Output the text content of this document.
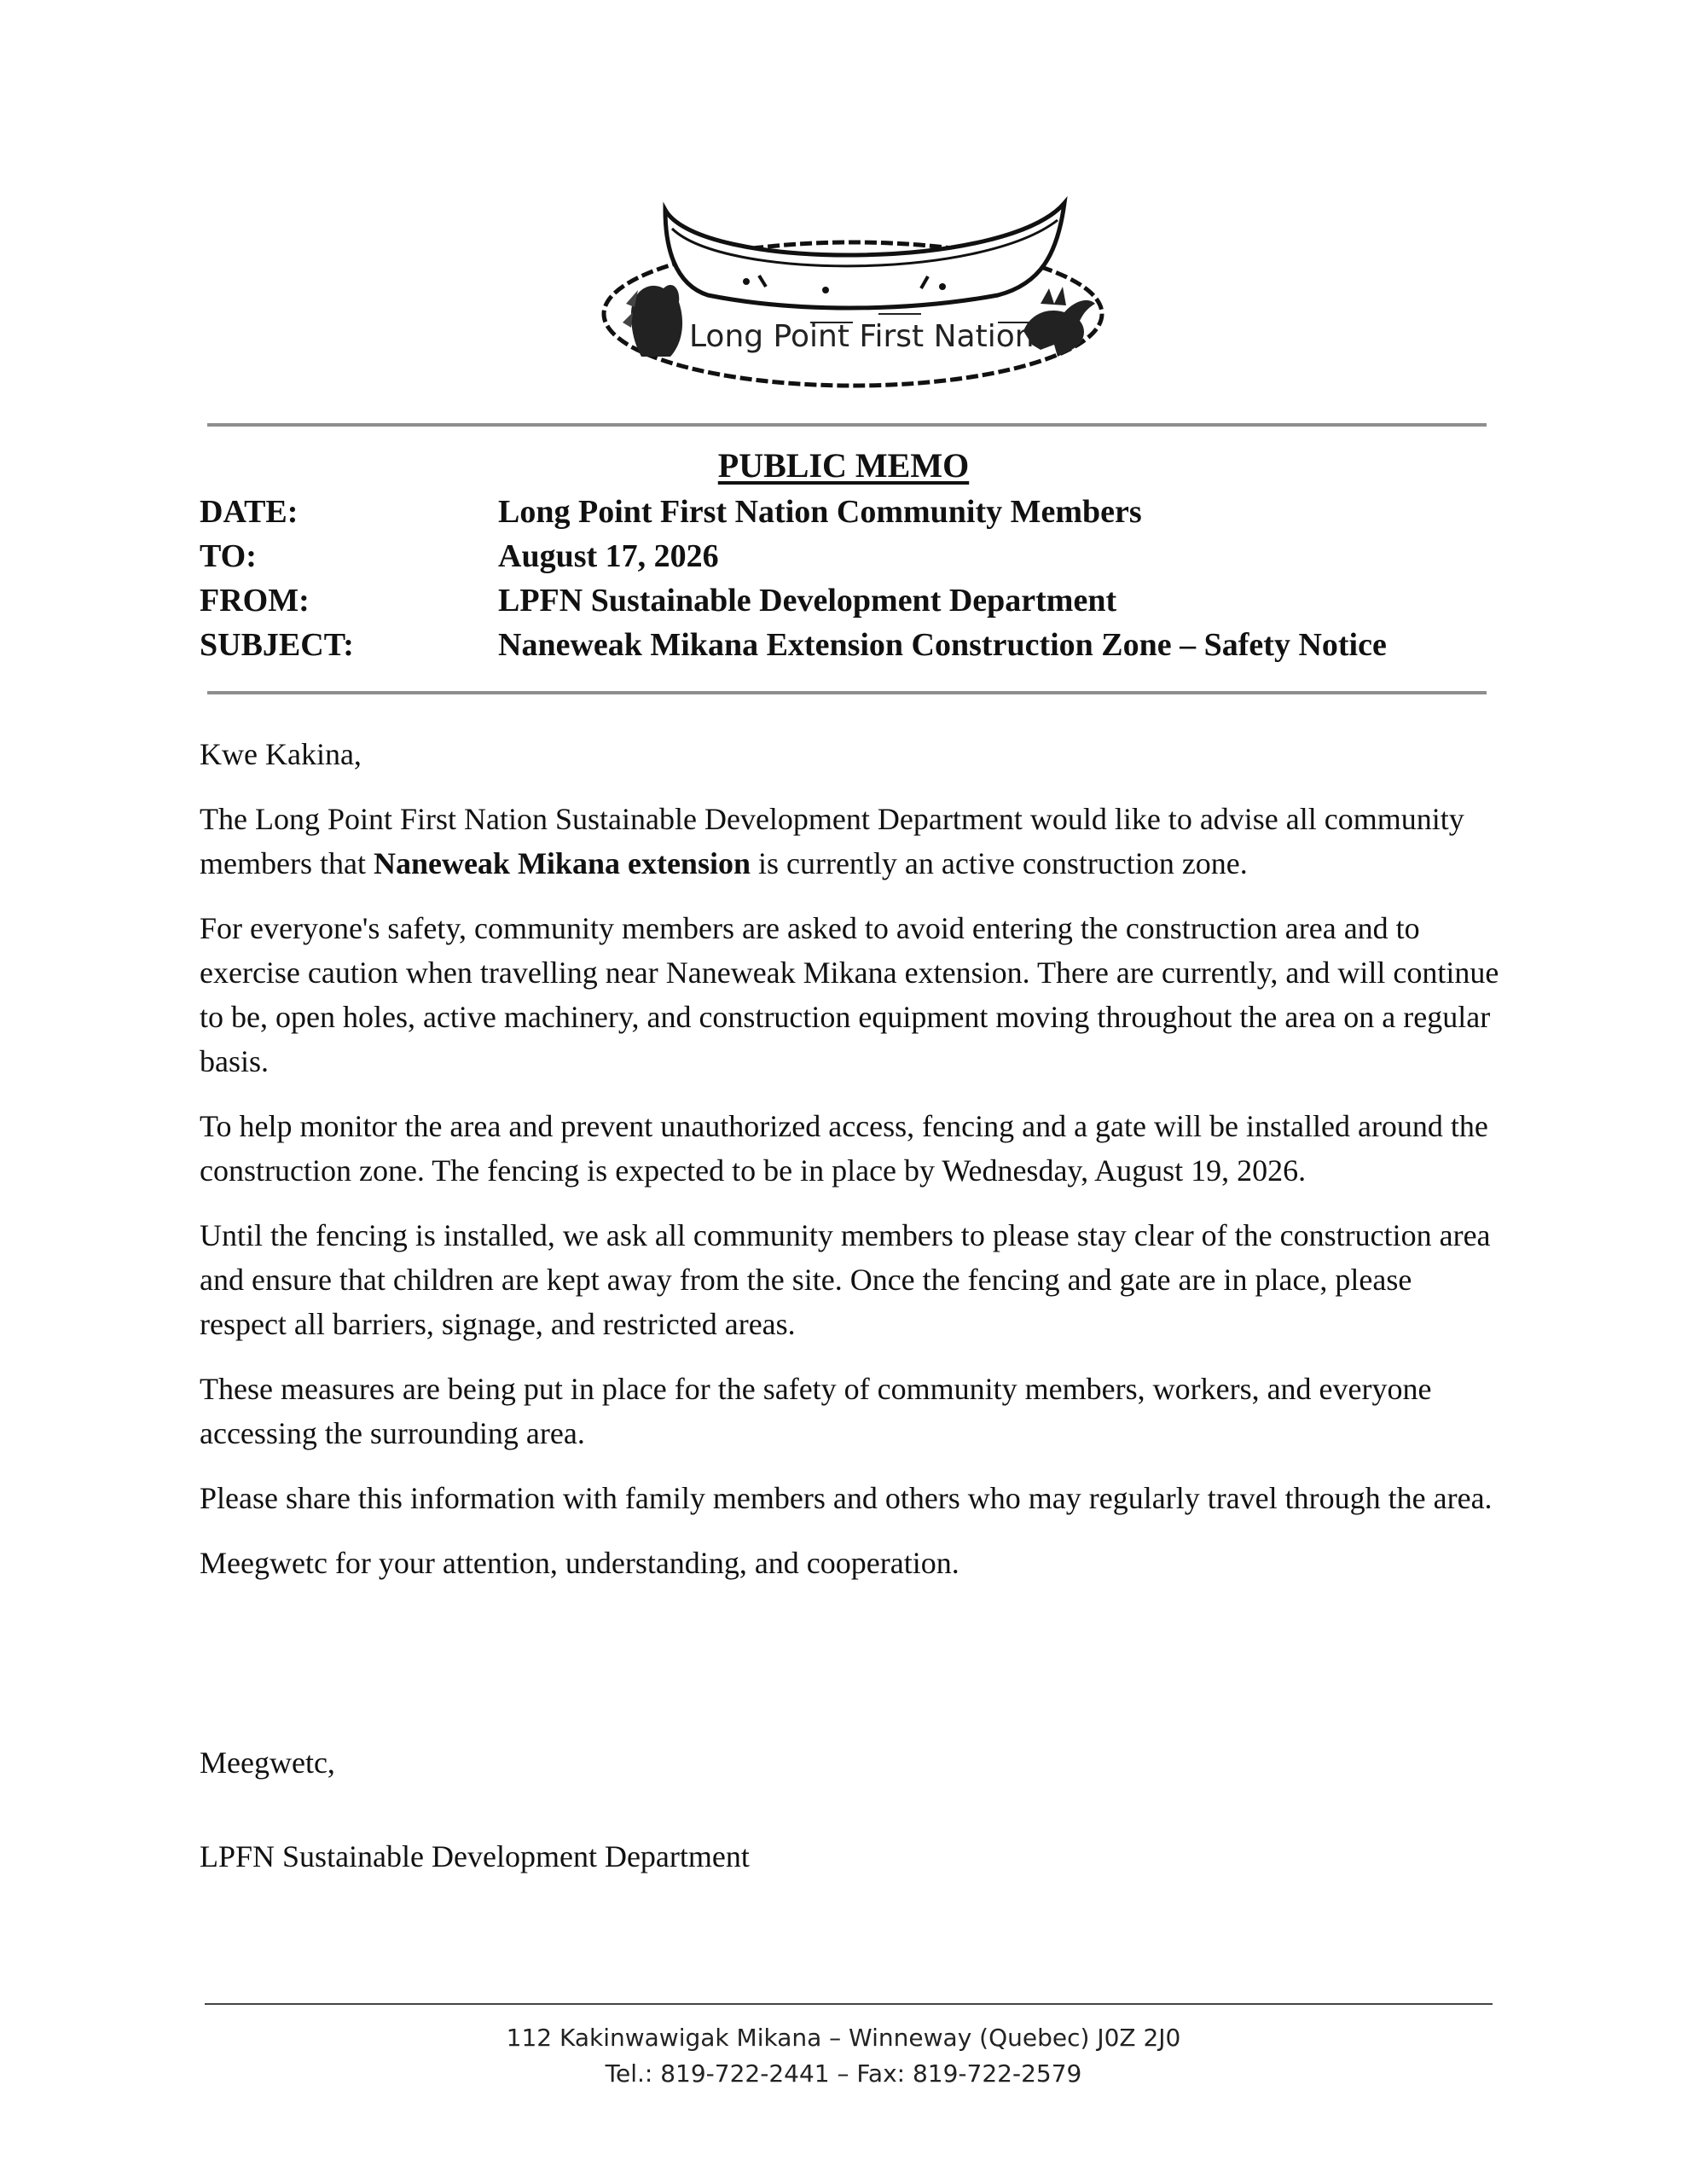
Long Point First Nation
PUBLIC MEMO
DATE:	Long Point First Nation Community Members
TO:	August 17, 2026
FROM:	LPFN Sustainable Development Department
SUBJECT:	Naneweak Mikana Extension Construction Zone – Safety Notice

Kwe Kakina,

The Long Point First Nation Sustainable Development Department would like to advise all community members that Naneweak Mikana extension is currently an active construction zone.

For everyone's safety, community members are asked to avoid entering the construction area and to exercise caution when travelling near Naneweak Mikana extension. There are currently, and will continue to be, open holes, active machinery, and construction equipment moving throughout the area on a regular basis.

To help monitor the area and prevent unauthorized access, fencing and a gate will be installed around the construction zone. The fencing is expected to be in place by Wednesday, August 19, 2026.

Until the fencing is installed, we ask all community members to please stay clear of the construction area and ensure that children are kept away from the site. Once the fencing and gate are in place, please respect all barriers, signage, and restricted areas.

These measures are being put in place for the safety of community members, workers, and everyone accessing the surrounding area.

Please share this information with family members and others who may regularly travel through the area.

Meegwetc for your attention, understanding, and cooperation.

Meegwetc,
LPFN Sustainable Development Department
112 Kakinwawigak Mikana – Winneway (Quebec) J0Z 2J0
Tel.: 819-722-2441 – Fax: 819-722-2579
